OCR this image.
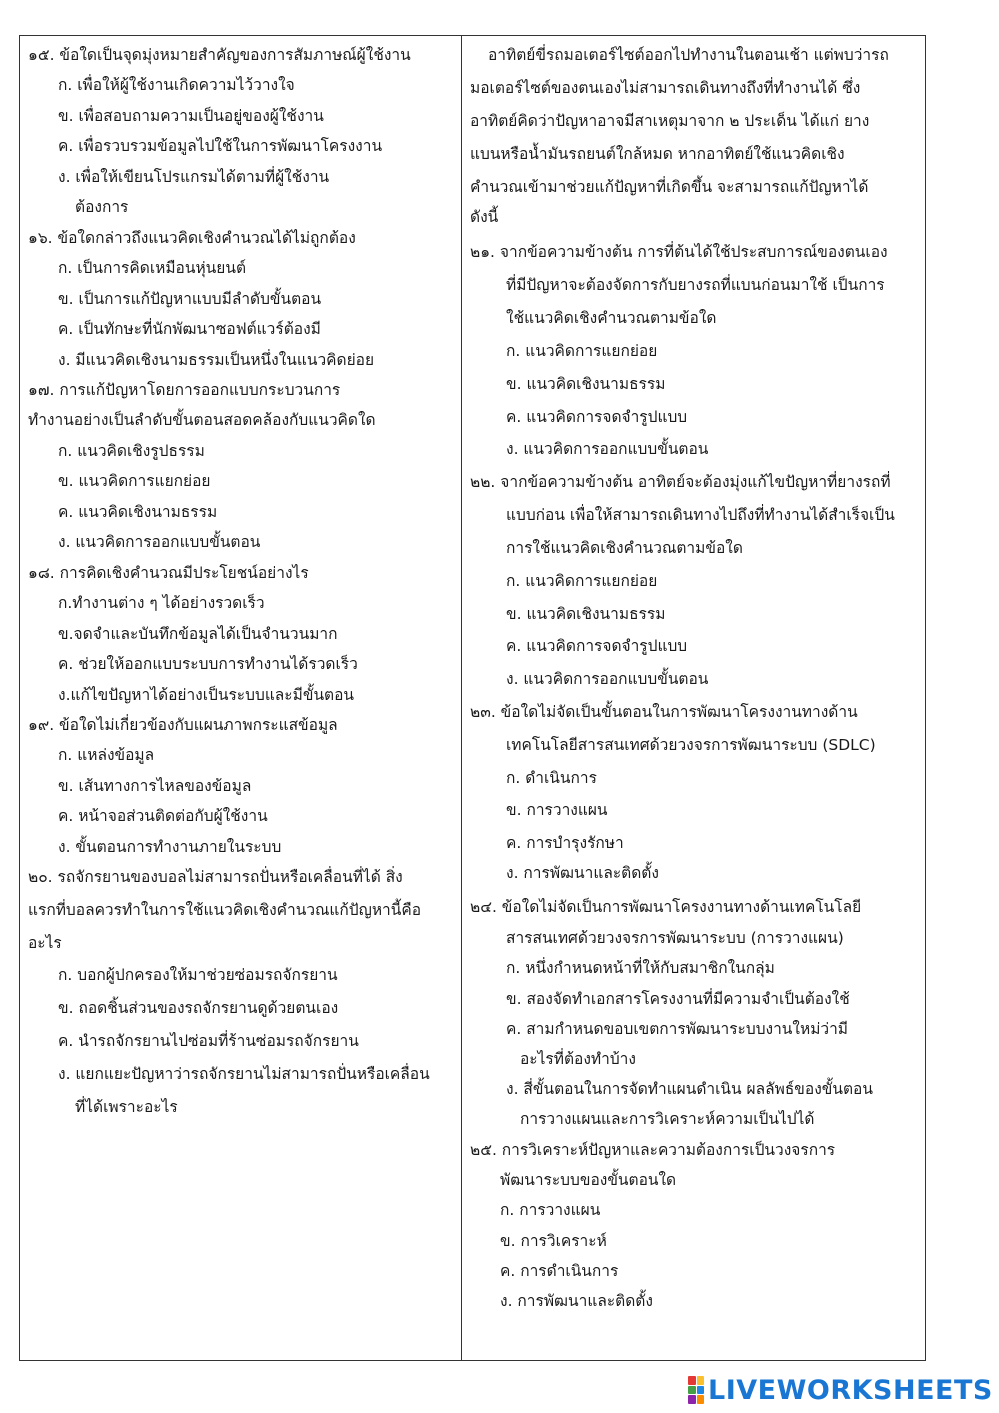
๑๕. ข้อใดเป็นจุดมุ่งหมายสำคัญของการสัมภาษณ์ผู้ใช้งาน
ก. เพื่อให้ผู้ใช้งานเกิดความไว้วางใจ
ข. เพื่อสอบถามความเป็นอยู่ของผู้ใช้งาน
ค. เพื่อรวบรวมข้อมูลไปใช้ในการพัฒนาโครงงาน
ง. เพื่อให้เขียนโปรแกรมได้ตามที่ผู้ใช้งาน
ต้องการ
๑๖. ข้อใดกล่าวถึงแนวคิดเชิงคำนวณได้ไม่ถูกต้อง
ก. เป็นการคิดเหมือนหุ่นยนต์
ข. เป็นการแก้ปัญหาแบบมีลำดับขั้นตอน
ค. เป็นทักษะที่นักพัฒนาซอฟต์แวร์ต้องมี
ง. มีแนวคิดเชิงนามธรรมเป็นหนึ่งในแนวคิดย่อย
๑๗. การแก้ปัญหาโดยการออกแบบกระบวนการ
ทำงานอย่างเป็นลำดับขั้นตอนสอดคล้องกับแนวคิดใด
ก. แนวคิดเชิงรูปธรรม
ข. แนวคิดการแยกย่อย
ค. แนวคิดเชิงนามธรรม
ง. แนวคิดการออกแบบขั้นตอน
๑๘. การคิดเชิงคำนวณมีประโยชน์อย่างไร
ก.ทำงานต่าง ๆ ได้อย่างรวดเร็ว
ข.จดจำและบันทึกข้อมูลได้เป็นจำนวนมาก
ค. ช่วยให้ออกแบบระบบการทำงานได้รวดเร็ว
ง.แก้ไขปัญหาได้อย่างเป็นระบบและมีขั้นตอน
๑๙. ข้อใดไม่เกี่ยวข้องกับแผนภาพกระแสข้อมูล
ก. แหล่งข้อมูล
ข. เส้นทางการไหลของข้อมูล
ค. หน้าจอส่วนติดต่อกับผู้ใช้งาน
ง. ขั้นตอนการทำงานภายในระบบ
๒๐. รถจักรยานของบอลไม่สามารถปั่นหรือเคลื่อนที่ได้ สิ่ง
แรกที่บอลควรทำในการใช้แนวคิดเชิงคำนวณแก้ปัญหานี้คือ
อะไร
ก. บอกผู้ปกครองให้มาช่วยซ่อมรถจักรยาน
ข. ถอดชิ้นส่วนของรถจักรยานดูด้วยตนเอง
ค. นำรถจักรยานไปซ่อมที่ร้านซ่อมรถจักรยาน
ง. แยกแยะปัญหาว่ารถจักรยานไม่สามารถปั่นหรือเคลื่อน
ที่ได้เพราะอะไร
อาทิตย์ขี่รถมอเตอร์ไซต์ออกไปทำงานในตอนเช้า แต่พบว่ารถ
มอเตอร์ไซต์ของตนเองไม่สามารถเดินทางถึงที่ทำงานได้ ซึ่ง
อาทิตย์คิดว่าปัญหาอาจมีสาเหตุมาจาก ๒ ประเด็น ได้แก่ ยาง
แบนหรือน้ำมันรถยนต์ใกล้หมด หากอาทิตย์ใช้แนวคิดเชิง
คำนวณเข้ามาช่วยแก้ปัญหาที่เกิดขึ้น จะสามารถแก้ปัญหาได้
ดังนี้
๒๑. จากข้อความข้างต้น การที่ต้นได้ใช้ประสบการณ์ของตนเอง
ที่มีปัญหาจะต้องจัดการกับยางรถที่แบนก่อนมาใช้ เป็นการ
ใช้แนวคิดเชิงคำนวณตามข้อใด
ก. แนวคิดการแยกย่อย
ข. แนวคิดเชิงนามธรรม
ค. แนวคิดการจดจำรูปแบบ
ง. แนวคิดการออกแบบขั้นตอน
๒๒. จากข้อความข้างต้น อาทิตย์จะต้องมุ่งแก้ไขปัญหาที่ยางรถที่
แบบก่อน เพื่อให้สามารถเดินทางไปถึงที่ทำงานได้สำเร็จเป็น
การใช้แนวคิดเชิงคำนวณตามข้อใด
ก. แนวคิดการแยกย่อย
ข. แนวคิดเชิงนามธรรม
ค. แนวคิดการจดจำรูปแบบ
ง. แนวคิดการออกแบบขั้นตอน
๒๓. ข้อใดไม่จัดเป็นขั้นตอนในการพัฒนาโครงงานทางด้าน
เทคโนโลยีสารสนเทศด้วยวงจรการพัฒนาระบบ (SDLC)
ก. ดำเนินการ
ข. การวางแผน
ค. การบำรุงรักษา
ง. การพัฒนาและติดตั้ง
๒๔. ข้อใดไม่จัดเป็นการพัฒนาโครงงานทางด้านเทคโนโลยี
สารสนเทศด้วยวงจรการพัฒนาระบบ (การวางแผน)
ก. หนึ่งกำหนดหน้าที่ให้กับสมาชิกในกลุ่ม
ข. สองจัดทำเอกสารโครงงานที่มีความจำเป็นต้องใช้
ค. สามกำหนดขอบเขตการพัฒนาระบบงานใหม่ว่ามี
อะไรที่ต้องทำบ้าง
ง. สี่ขั้นตอนในการจัดทำแผนดำเนิน ผลลัพธ์ของขั้นตอน
การวางแผนและการวิเคราะห์ความเป็นไปได้
๒๕. การวิเคราะห์ปัญหาและความต้องการเป็นวงจรการ
พัฒนาระบบของขั้นตอนใด
ก. การวางแผน
ข. การวิเคราะห์
ค. การดำเนินการ
ง. การพัฒนาและติดตั้ง
LIVEWORKSHEETS
